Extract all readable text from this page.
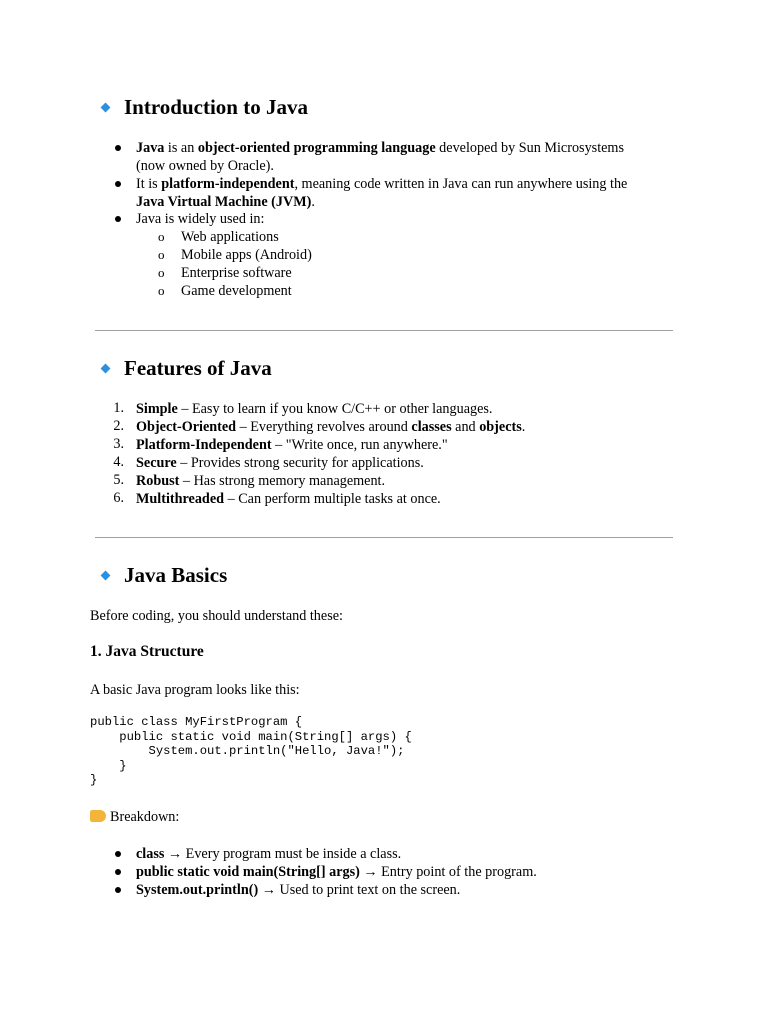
Introduction to Java
Java is an object-oriented programming language developed by Sun Microsystems
(now owned by Oracle).
It is platform-independent, meaning code written in Java can run anywhere using the
Java Virtual Machine (JVM).
Java is widely used in:
o Web applications
o Mobile apps (Android)
o Enterprise software
o Game development
Features of Java
1. Simple – Easy to learn if you know C/C++ or other languages.
2. Object-Oriented – Everything revolves around classes and objects.
3. Platform-Independent – "Write once, run anywhere."
4. Secure – Provides strong security for applications.
5. Robust – Has strong memory management.
6. Multithreaded – Can perform multiple tasks at once.
Java Basics
Before coding, you should understand these:
1. Java Structure
A basic Java program looks like this:
public class MyFirstProgram {
public static void main(String[] args) {
System.out.println("Hello, Java!");
}
}
Breakdown:
class → Every program must be inside a class.
public static void main(String[] args) → Entry point of the program.
System.out.println() → Used to print text on the screen.
